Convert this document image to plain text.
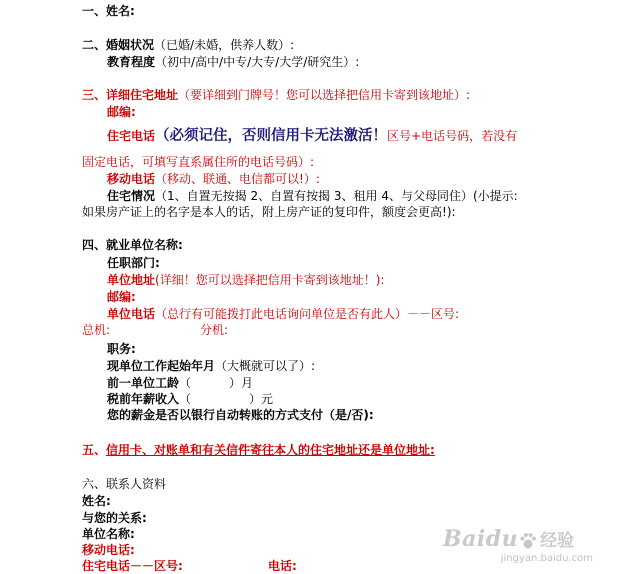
一、姓名:
二、婚姻状况（已婚/未婚，供养人数）:
教育程度（初中/高中/中专/大专/大学/研究生）:
三、详细住宅地址（要详细到门牌号！您可以选择把信用卡寄到该地址）:
邮编:
住宅电话（必须记住，否则信用卡无法激活！区号+电话号码，若没有
固定电话，可填写直系属住所的电话号码）:
移动电话（移动、联通、电信都可以!）:
住宅情况（1、自置无按揭 2、自置有按揭 3、租用 4、与父母同住）(小提示:
如果房产证上的名字是本人的话，附上房产证的复印件，额度会更高!):
四、就业单位名称:
任职部门:
单位地址(详细！您可以选择把信用卡寄到该地址！):
邮编:
单位电话（总行有可能拨打此电话询问单位是否有此人）－－区号:
总机:	分机:
职务:
现单位工作起始年月（大概就可以了）:
前一单位工龄（	）月
税前年薪收入（	）元
您的薪金是否以银行自动转账的方式支付（是/否):
五、信用卡、对账单和有关信件寄往本人的住宅地址还是单位地址:
六、联系人资料
姓名:
与您的关系:
单位名称:
移动电话:
住宅电话－－区号:	电话:
Baidu 经验
jingyan.baidu.com
